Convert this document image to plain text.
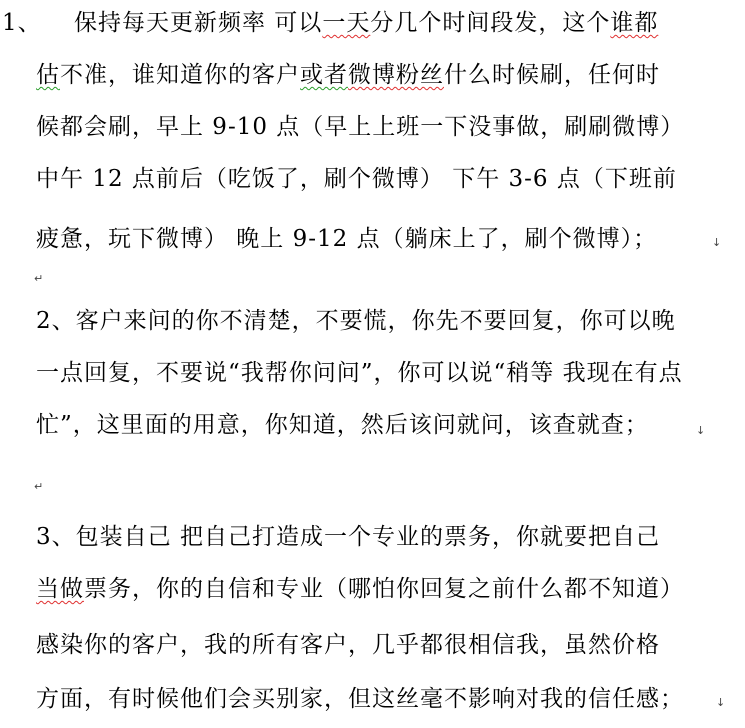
1、 保持每天更新频率 可以一天分几个时间段发，这个谁都
估不准，谁知道你的客户或者微博粉丝什么时候刷，任何时
候都会刷，早上 9-10 点（早上上班一下没事做，刷刷微博）
中午 12 点前后（吃饭了，刷个微博） 下午 3-6 点（下班前
疲惫，玩下微博） 晚上 9-12 点（躺床上了，刷个微博）；	↓
↵
2、客户来问的你不清楚，不要慌，你先不要回复，你可以晚
一点回复，不要说“我帮你问问”，你可以说“稍等 我现在有点
忙”，这里面的用意，你知道，然后该问就问，该查就查；	↓
↵
3、包装自己 把自己打造成一个专业的票务，你就要把自己
当做票务，你的自信和专业（哪怕你回复之前什么都不知道）
感染你的客户，我的所有客户，几乎都很相信我，虽然价格
方面，有时候他们会买别家，但这丝毫不影响对我的信任感；	↓
